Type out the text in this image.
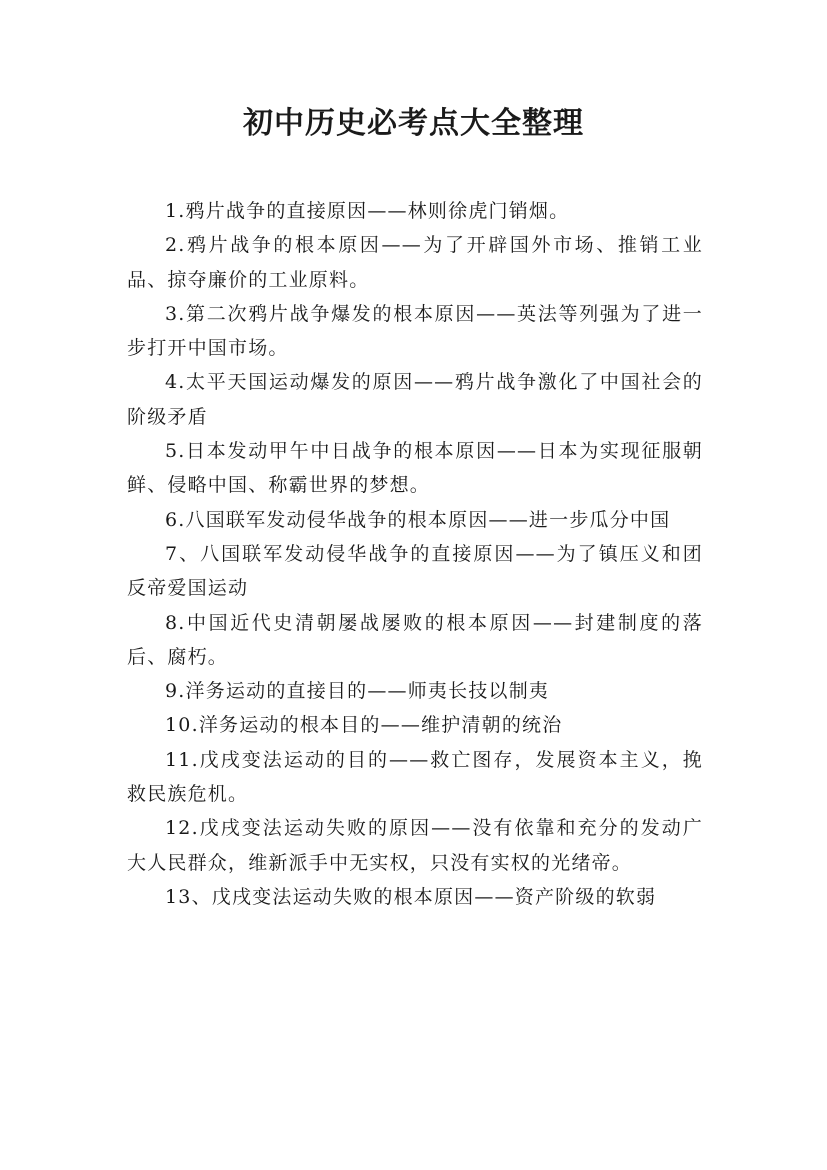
初中历史必考点大全整理

1.鸦片战争的直接原因——林则徐虎门销烟。

2.鸦片战争的根本原因——为了开辟国外市场、推销工业品、掠夺廉价的工业原料。

3.第二次鸦片战争爆发的根本原因——英法等列强为了进一步打开中国市场。

4.太平天国运动爆发的原因——鸦片战争激化了中国社会的阶级矛盾

5.日本发动甲午中日战争的根本原因——日本为实现征服朝鲜、侵略中国、称霸世界的梦想。

6.八国联军发动侵华战争的根本原因——进一步瓜分中国

7、八国联军发动侵华战争的直接原因——为了镇压义和团反帝爱国运动

8.中国近代史清朝屡战屡败的根本原因——封建制度的落后、腐朽。

9.洋务运动的直接目的——师夷长技以制夷

10.洋务运动的根本目的——维护清朝的统治

11.戊戌变法运动的目的——救亡图存，发展资本主义，挽救民族危机。

12.戊戌变法运动失败的原因——没有依靠和充分的发动广大人民群众，维新派手中无实权，只没有实权的光绪帝。

13、戊戌变法运动失败的根本原因——资产阶级的软弱
